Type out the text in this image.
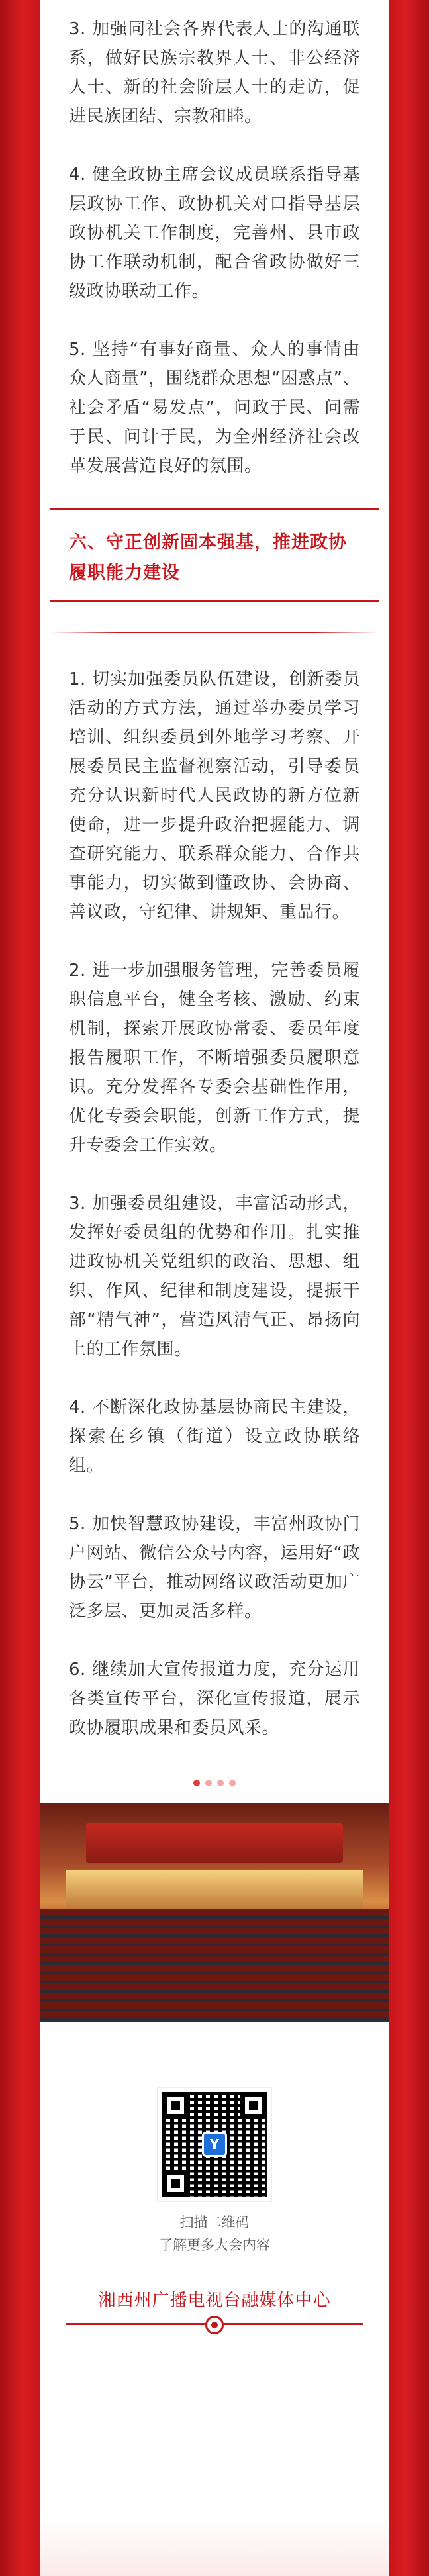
3. 加强同社会各界代表人士的沟通联系，做好民族宗教界人士、非公经济人士、新的社会阶层人士的走访，促进民族团结、宗教和睦。

4. 健全政协主席会议成员联系指导基层政协工作、政协机关对口指导基层政协机关工作制度，完善州、县市政协工作联动机制，配合省政协做好三级政协联动工作。

5. 坚持“有事好商量、众人的事情由众人商量”，围绕群众思想“困惑点”、社会矛盾“易发点”，问政于民、问需于民、问计于民，为全州经济社会改革发展营造良好的氛围。

六、守正创新固本强基，推进政协履职能力建设

1. 切实加强委员队伍建设，创新委员活动的方式方法，通过举办委员学习培训、组织委员到外地学习考察、开展委员民主监督视察活动，引导委员充分认识新时代人民政协的新方位新使命，进一步提升政治把握能力、调查研究能力、联系群众能力、合作共事能力，切实做到懂政协、会协商、善议政，守纪律、讲规矩、重品行。

2. 进一步加强服务管理，完善委员履职信息平台，健全考核、激励、约束机制，探索开展政协常委、委员年度报告履职工作，不断增强委员履职意识。充分发挥各专委会基础性作用，优化专委会职能，创新工作方式，提升专委会工作实效。

3. 加强委员组建设，丰富活动形式，发挥好委员组的优势和作用。扎实推进政协机关党组织的政治、思想、组织、作风、纪律和制度建设，提振干部“精气神”，营造风清气正、昂扬向上的工作氛围。

4. 不断深化政协基层协商民主建设，探索在乡镇（街道）设立政协联络组。

5. 加快智慧政协建设，丰富州政协门户网站、微信公众号内容，运用好“政协云”平台，推动网络议政活动更加广泛多层、更加灵活多样。

6. 继续加大宣传报道力度，充分运用各类宣传平台，深化宣传报道，展示政协履职成果和委员风采。

Y

扫描二维码
了解更多大会内容

湘西州广播电视台融媒体中心
